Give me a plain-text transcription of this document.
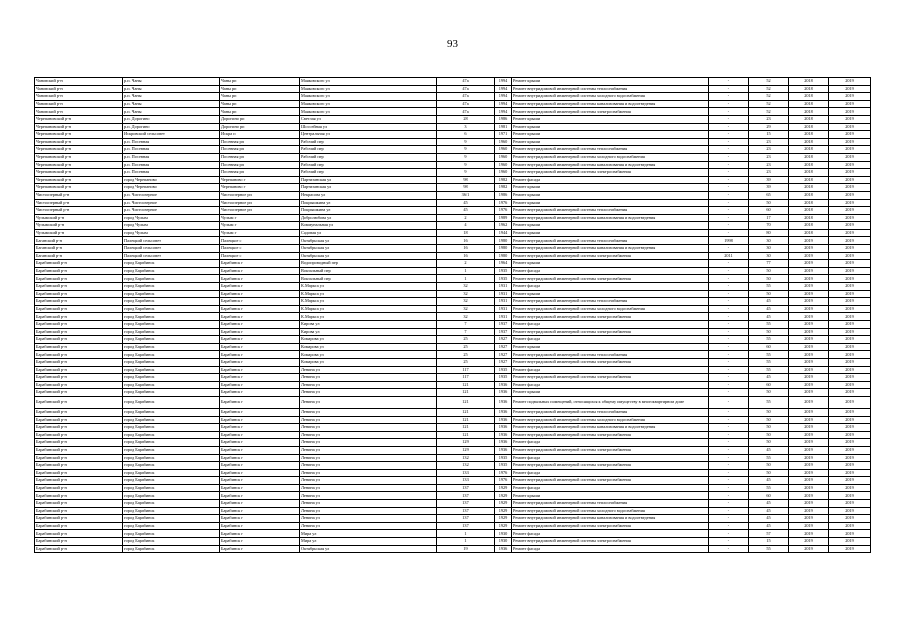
93
Чановский р-н	р.п. Чаны	Чаны рп	Маяковского ул	47а	1994	Ремонт крыши	-	52	2018	2019
Чановский р-н	р.п. Чаны	Чаны рп	Маяковского ул	47а	1994	Ремонт внутридомовой инженерной системы теплоснабжения	-	52	2018	2019
Чановский р-н	р.п. Чаны	Чаны рп	Маяковского ул	47а	1994	Ремонт внутридомовой инженерной системы холодного водоснабжения	-	52	2018	2019
Чановский р-н	р.п. Чаны	Чаны рп	Маяковского ул	47а	1994	Ремонт внутридомовой инженерной системы канализования и водоотведения	-	52	2018	2019
Чановский р-н	р.п. Чаны	Чаны рп	Маяковского ул	47а	1994	Ремонт внутридомовой инженерной системы электроснабжения	-	52	2018	2019
Черепановский р-н	р.п. Дорогино	Дорогино рп	Светлая ул	28	1986	Ремонт крыши	-	23	2018	2019
Черепановский р-н	р.п. Дорогино	Дорогино рп	Шоссейная ул	3	1981	Ремонт крыши	-	29	2018	2019
Черепановский р-н	Искровский сельсовет	Искра п	Центральная ул	6	1971	Ремонт крыши	-	15	2018	2019
Черепановский р-н	р.п. Посевная	Посевная рп	Рабочий пер	9	1960	Ремонт крыши	-	23	2018	2019
Черепановский р-н	р.п. Посевная	Посевная рп	Рабочий пер	9	1960	Ремонт внутридомовой инженерной системы теплоснабжения	-	23	2018	2019
Черепановский р-н	р.п. Посевная	Посевная рп	Рабочий пер	9	1960	Ремонт внутридомовой инженерной системы холодного водоснабжения	-	23	2018	2019
Черепановский р-н	р.п. Посевная	Посевная рп	Рабочий пер	9	1960	Ремонт внутридомовой инженерной системы канализования и водоотведения	-	23	2018	2019
Черепановский р-н	р.п. Посевная	Посевная рп	Рабочий пер	9	1960	Ремонт внутридомовой инженерной системы электроснабжения	-	23	2018	2019
Черепановский р-н	город Черепаново	Черепаново г	Партизанская ул	98	1982	Ремонт фасада	-	39	2018	2019
Черепановский р-н	город Черепаново	Черепаново г	Партизанская ул	98	1982	Ремонт крыши	-	39	2018	2019
Чистоозерный р-н	р.п. Чистоозерное	Чистоозерное рп	Некрасова ул	36/1	1986	Ремонт крыши	-	65	2018	2019
Чистоозерный р-н	р.п. Чистоозерное	Чистоозерное рп	Покрышкина ул	45	1976	Ремонт крыши	-	50	2018	2019
Чистоозерный р-н	р.п. Чистоозерное	Чистоозерное рп	Покрышкина ул	45	1976	Ремонт внутридомовой инженерной системы теплоснабжения	-	60	2018	2019
Чулымский р-н	город Чулым	Чулым г	Добролюбова ул	2	1989	Ремонт внутридомовой инженерной системы канализования и водоотведения	-	17	2018	2019
Чулымский р-н	город Чулым	Чулым г	Коммунальная ул	4	1962	Ремонт крыши	-	70	2018	2019
Чулымский р-н	город Чулым	Чулым г	Садовая ул	18	1944	Ремонт крыши	-	80	2018	2019
Баганский р-н	Палецкий сельсовет	Палецкое с	Октябрьская ул	16	1980	Ремонт внутридомовой инженерной системы теплоснабжения	1998	30	2019	2019
Баганский р-н	Палецкий сельсовет	Палецкое с	Октябрьская ул	16	1980	Ремонт внутридомовой инженерной системы канализования и водоотведения	-	30	2019	2019
Баганский р-н	Палецкий сельсовет	Палецкое с	Октябрьская ул	16	1980	Ремонт внутридомовой инженерной системы электроснабжения	2011	30	2019	2019
Барабинский р-н	город Барабинск	Барабинск г	Водопроводный пер	2	1964	Ремонт крыши	-	77	2019	2019
Барабинский р-н	город Барабинск	Барабинск г	Вокзальный пер	1	1935	Ремонт фасада	-	50	2019	2019
Барабинский р-н	город Барабинск	Барабинск г	Вокзальный пер	1	1935	Ремонт внутридомовой инженерной системы электроснабжения	-	50	2019	2019
Барабинский р-н	город Барабинск	Барабинск г	К.Маркса ул	32	1931	Ремонт фасада	-	55	2019	2019
Барабинский р-н	город Барабинск	Барабинск г	К.Маркса ул	32	1931	Ремонт крыши	-	50	2019	2019
Барабинский р-н	город Барабинск	Барабинск г	К.Маркса ул	32	1931	Ремонт внутридомовой инженерной системы теплоснабжения	-	45	2019	2019
Барабинский р-н	город Барабинск	Барабинск г	К.Маркса ул	32	1931	Ремонт внутридомовой инженерной системы холодного водоснабжения	-	45	2019	2019
Барабинский р-н	город Барабинск	Барабинск г	К.Маркса ул	32	1931	Ремонт внутридомовой инженерной системы электроснабжения	-	45	2019	2019
Барабинский р-н	город Барабинск	Барабинск г	Кирова ул	7	1937	Ремонт фасада	-	55	2019	2019
Барабинский р-н	город Барабинск	Барабинск г	Кирова ул	7	1937	Ремонт внутридомовой инженерной системы электроснабжения	-	50	2019	2019
Барабинский р-н	город Барабинск	Барабинск г	Комарова ул	25	1927	Ремонт фасада	-	55	2019	2019
Барабинский р-н	город Барабинск	Барабинск г	Комарова ул	25	1927	Ремонт крыши	-	60	2019	2019
Барабинский р-н	город Барабинск	Барабинск г	Комарова ул	25	1927	Ремонт внутридомовой инженерной системы теплоснабжения	-	55	2019	2019
Барабинский р-н	город Барабинск	Барабинск г	Комарова ул	25	1927	Ремонт внутридомовой инженерной системы электроснабжения	-	55	2019	2019
Барабинский р-н	город Барабинск	Барабинск г	Ленина ул	117	1935	Ремонт фасада	-	55	2019	2019
Барабинский р-н	город Барабинск	Барабинск г	Ленина ул	117	1935	Ремонт внутридомовой инженерной системы электроснабжения	-	45	2019	2019
Барабинский р-н	город Барабинск	Барабинск г	Ленина ул	121	1936	Ремонт фасада	-	60	2019	2019
Барабинский р-н	город Барабинск	Барабинск г	Ленина ул	121	1936	Ремонт крыши	-	50	2019	2019
Барабинский р-н	город Барабинск	Барабинск г	Ленина ул	121	1936	Ремонт подвальных помещений, относящихся к общему имуществу в многоквартирном доме	-	55	2019	2019
Барабинский р-н	город Барабинск	Барабинск г	Ленина ул	121	1936	Ремонт внутридомовой инженерной системы теплоснабжения	-	50	2019	2019
Барабинский р-н	город Барабинск	Барабинск г	Ленина ул	121	1936	Ремонт внутридомовой инженерной системы холодного водоснабжения	-	50	2019	2019
Барабинский р-н	город Барабинск	Барабинск г	Ленина ул	121	1936	Ремонт внутридомовой инженерной системы канализования и водоотведения	-	50	2019	2019
Барабинский р-н	город Барабинск	Барабинск г	Ленина ул	121	1936	Ремонт внутридомовой инженерной системы электроснабжения	-	50	2019	2019
Барабинский р-н	город Барабинск	Барабинск г	Ленина ул	129	1936	Ремонт фасада	-	50	2019	2019
Барабинский р-н	город Барабинск	Барабинск г	Ленина ул	129	1936	Ремонт внутридомовой инженерной системы электроснабжения	-	45	2019	2019
Барабинский р-н	город Барабинск	Барабинск г	Ленина ул	132	1935	Ремонт фасада	-	55	2019	2019
Барабинский р-н	город Барабинск	Барабинск г	Ленина ул	132	1935	Ремонт внутридомовой инженерной системы электроснабжения	-	50	2019	2019
Барабинский р-н	город Барабинск	Барабинск г	Ленина ул	133	1976	Ремонт фасада	-	50	2019	2019
Барабинский р-н	город Барабинск	Барабинск г	Ленина ул	133	1976	Ремонт внутридомовой инженерной системы электроснабжения	-	45	2019	2019
Барабинский р-н	город Барабинск	Барабинск г	Ленина ул	137	1929	Ремонт фасада	-	55	2019	2019
Барабинский р-н	город Барабинск	Барабинск г	Ленина ул	137	1929	Ремонт крыши	-	60	2019	2019
Барабинский р-н	город Барабинск	Барабинск г	Ленина ул	137	1929	Ремонт внутридомовой инженерной системы теплоснабжения	-	45	2019	2019
Барабинский р-н	город Барабинск	Барабинск г	Ленина ул	137	1929	Ремонт внутридомовой инженерной системы холодного водоснабжения	-	45	2019	2019
Барабинский р-н	город Барабинск	Барабинск г	Ленина ул	137	1929	Ремонт внутридомовой инженерной системы канализования и водоотведения	-	45	2019	2019
Барабинский р-н	город Барабинск	Барабинск г	Ленина ул	137	1929	Ремонт внутридомовой инженерной системы электроснабжения	-	45	2019	2019
Барабинский р-н	город Барабинск	Барабинск г	Мира ул	1	1930	Ремонт фасада	-	57	2019	2019
Барабинский р-н	город Барабинск	Барабинск г	Мира ул	1	1930	Ремонт внутридомовой инженерной системы электроснабжения	-	15	2019	2019
Барабинский р-н	город Барабинск	Барабинск г	Октябрьская ул	19	1936	Ремонт фасада	-	55	2019	2019
